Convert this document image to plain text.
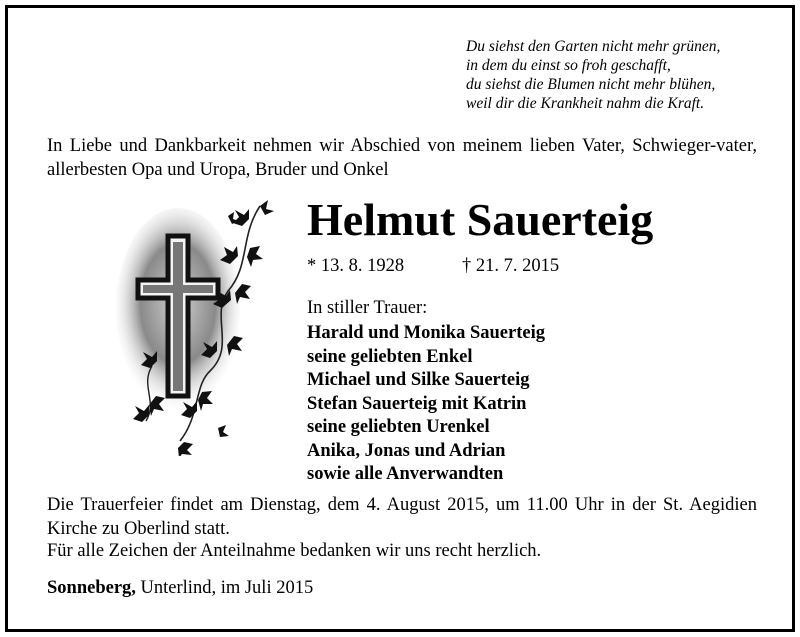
Du siehst den Garten nicht mehr grünen,
in dem du einst so froh geschafft,
du siehst die Blumen nicht mehr blühen,
weil dir die Krankheit nahm die Kraft.
In Liebe und Dankbarkeit nehmen wir Abschied von meinem lieben Vater, Schwieger-vater, allerbesten Opa und Uropa, Bruder und Onkel
Helmut Sauerteig
* 13. 8. 1928	† 21. 7. 2015
In stiller Trauer:
Harald und Monika Sauerteig
seine geliebten Enkel
Michael und Silke Sauerteig
Stefan Sauerteig mit Katrin
seine geliebten Urenkel
Anika, Jonas und Adrian
sowie alle Anverwandten
Die Trauerfeier findet am Dienstag, dem 4. August 2015, um 11.00 Uhr in der St. Aegidien Kirche zu Oberlind statt.
Für alle Zeichen der Anteilnahme bedanken wir uns recht herzlich.
Sonneberg, Unterlind, im Juli 2015
